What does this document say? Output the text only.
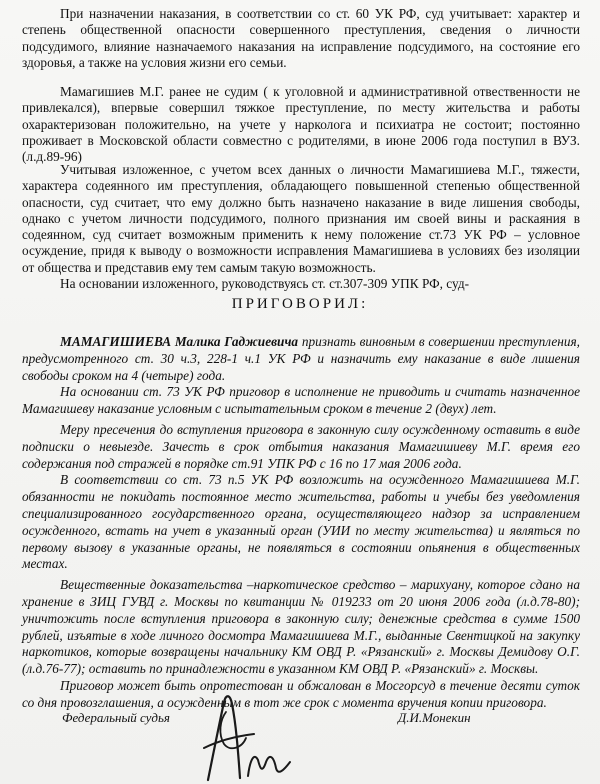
При назначении наказания, в соответствии со ст. 60 УК РФ, суд учитывает: характер и степень общественной опасности совершенного преступления, сведения о личности подсудимого, влияние назначаемого наказания на исправление подсудимого, на состояние его здоровья, а также на условия жизни его семьи.

Мамагишиев М.Г. ранее не судим ( к уголовной и административной отвественности не привлекался), впервые совершил тяжкое преступление, по месту жительства и работы охарактеризован положительно, на учете у нарколога и психиатра не состоит; постоянно проживает в Московской области совместно с родителями, в июне 2006 года поступил в ВУЗ. (л.д.89-96)

Учитывая изложенное, с учетом всех данных о личности Мамагишиева М.Г., тяжести, характера содеянного им преступления, обладающего повышенной степенью общественной опасности, суд считает, что ему должно быть назначено наказание в виде лишения свободы, однако с учетом личности подсудимого, полного признания им своей вины и раскаяния в содеянном, суд считает возможным применить к нему положение ст.73 УК РФ – условное осуждение, придя к выводу о возможности исправления Мамагишиева в условиях без изоляции от общества и представив ему тем самым такую возможность.

На основании изложенного, руководствуясь ст. ст.307-309 УПК РФ, суд-

ПРИГОВОРИЛ:

МАМАГИШИЕВА Малика Гаджиевича признать виновным в совершении преступления, предусмотренного ст. 30 ч.3, 228-1 ч.1 УК РФ и назначить ему наказание в виде лишения свободы сроком на 4 (четыре) года.

На основании ст. 73 УК РФ приговор в исполнение не приводить и считать назначенное Мамагишеву наказание условным с испытательным сроком в течение 2 (двух) лет.

Меру пресечения до вступления приговора в законную силу осужденному оставить в виде подписки о невыезде. Зачесть в срок отбытия наказания Мамагишиеву М.Г. время его содержания под стражей в порядке ст.91 УПК РФ с 16 по 17 мая 2006 года.

В соответствии со ст. 73 п.5 УК РФ возложить на осужденного Мамагишиева М.Г. обязанности не покидать постоянное место жительства, работы и учебы без уведомления специализированного государственного органа, осуществляющего надзор за исправлением осужденного, встать на учет в указанный орган (УИИ по месту жительства) и являться по первому вызову в указанные органы, не появляться в состоянии опьянения в общественных местах.

Вещественные доказательства –наркотическое средство – марихуану, которое сдано на хранение в ЗИЦ ГУВД г. Москвы по квитанции № 019233 от 20 июня 2006 года (л.д.78-80); уничтожить после вступления приговора в законную силу; денежные средства в сумме 1500 рублей, изъятые в ходе личного досмотра Мамагишиева М.Г., выданные Свентицкой на закупку наркотиков, которые возвращены начальнику КМ ОВД Р. «Рязанский» г. Москвы Демидову О.Г. (л.д.76-77); оставить по принадлежности в указанном КМ ОВД Р. «Рязанский» г. Москвы.

Приговор может быть опротестован и обжалован в Мосгорсуд в течение десяти суток со дня провозглашения, а осужденным в тот же срок с момента вручения копии приговора.

Федеральный судья	Д.И.Монекин
